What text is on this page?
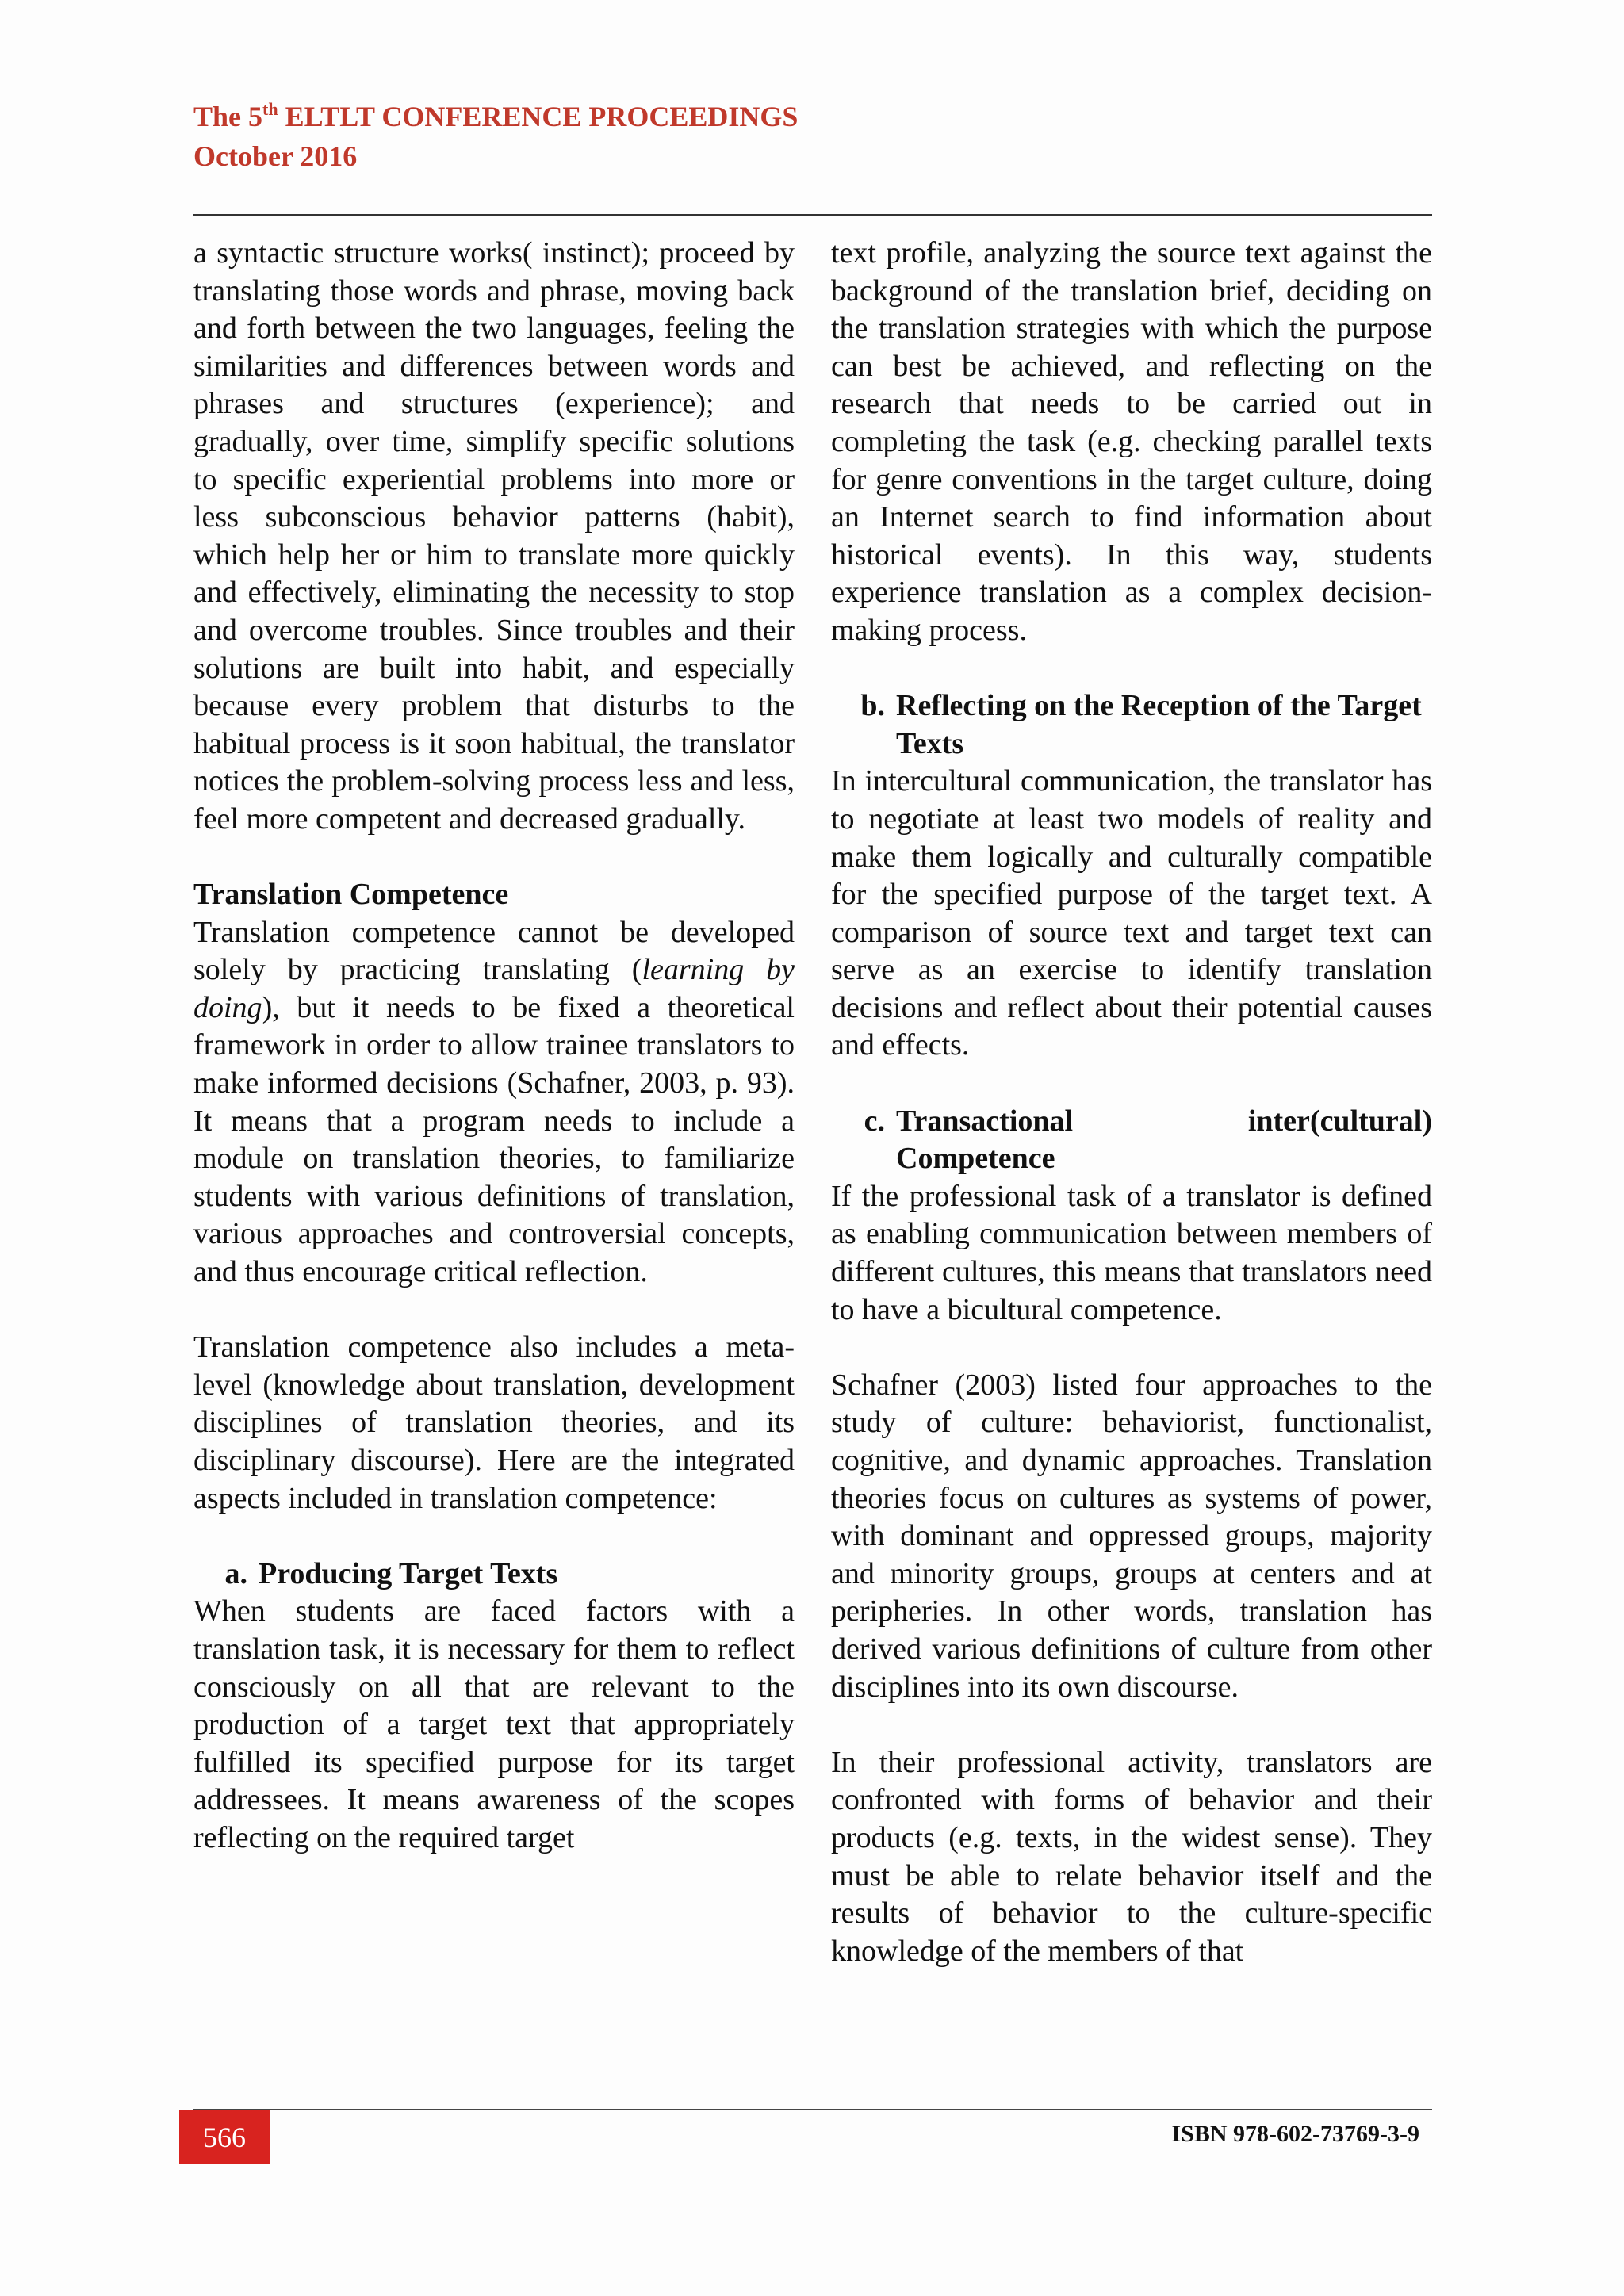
The 5th ELTLT CONFERENCE PROCEEDINGS
October 2016

a syntactic structure works( instinct); proceed by translating those words and phrase, moving back and forth between the two languages, feeling the similarities and differences between words and phrases and structures (experience); and gradually, over time, simplify specific solutions to specific experiential problems into more or less subconscious behavior patterns (habit), which help her or him to translate more quickly and effectively, eliminating the necessity to stop and overcome troubles. Since troubles and their solutions are built into habit, and especially because every problem that disturbs to the habitual process is it soon habitual, the translator notices the problem-solving process less and less, feel more competent and decreased gradually.

Translation Competence

Translation competence cannot be developed solely by practicing translating (learning by doing), but it needs to be fixed a theoretical framework in order to allow trainee translators to make informed decisions (Schafner, 2003, p. 93). It means that a program needs to include a module on translation theories, to familiarize students with various definitions of translation, various approaches and controversial concepts, and thus encourage critical reflection.

Translation competence also includes a meta-level (knowledge about translation, development disciplines of translation theories, and its disciplinary discourse). Here are the integrated aspects included in translation competence:

a. Producing Target Texts

When students are faced factors with a translation task, it is necessary for them to reflect consciously on all that are relevant to the production of a target text that appropriately fulfilled its specified purpose for its target addressees. It means awareness of the scopes reflecting on the required target

text profile, analyzing the source text against the background of the translation brief, deciding on the translation strategies with which the purpose can best be achieved, and reflecting on the research that needs to be carried out in completing the task (e.g. checking parallel texts for genre conventions in the target culture, doing an Internet search to find information about historical events). In this way, students experience translation as a complex decision-making process.

b. Reflecting on the Reception of the Target Texts

In intercultural communication, the translator has to negotiate at least two models of reality and make them logically and culturally compatible for the specified purpose of the target text. A comparison of source text and target text can serve as an exercise to identify translation decisions and reflect about their potential causes and effects.

c. Transactional inter(cultural)
Competence

If the professional task of a translator is defined as enabling communication between members of different cultures, this means that translators need to have a bicultural competence.

Schafner (2003) listed four approaches to the study of culture: behaviorist, functionalist, cognitive, and dynamic approaches. Translation theories focus on cultures as systems of power, with dominant and oppressed groups, majority and minority groups, groups at centers and at peripheries. In other words, translation has derived various definitions of culture from other disciplines into its own discourse.

In their professional activity, translators are confronted with forms of behavior and their products (e.g. texts, in the widest sense). They must be able to relate behavior itself and the results of behavior to the culture-specific knowledge of the members of that

566	ISBN 978-602-73769-3-9
